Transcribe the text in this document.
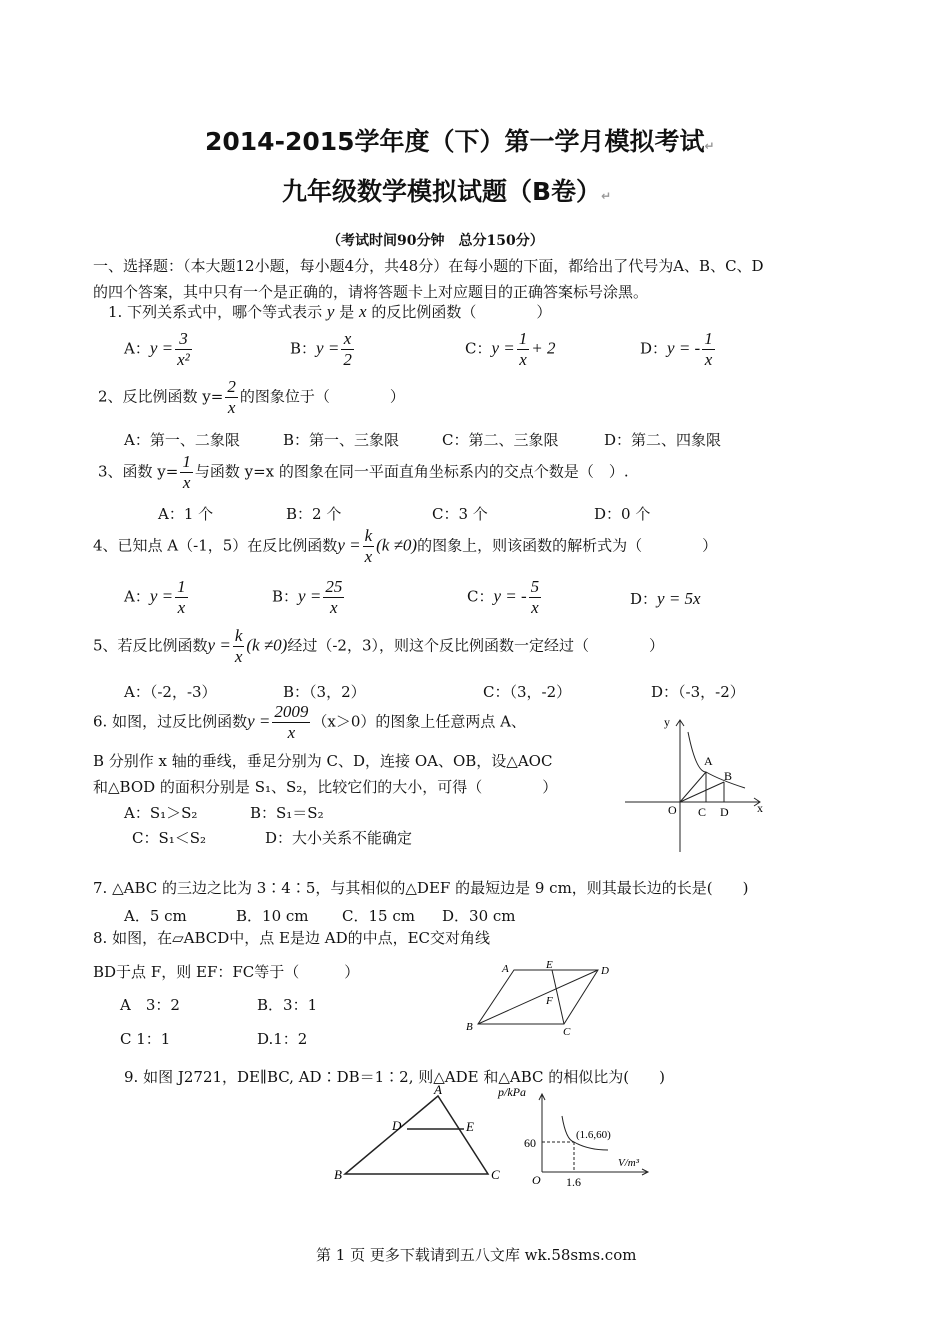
2014-2015学年度（下）第一学月模拟考试↵
九年级数学模拟试题（B卷）↵
（考试时间90分钟　总分150分）
一、选择题：（本大题12小题，每小题4分，共48分）在每小题的下面，都给出了代号为A、B、C、D
的四个答案，其中只有一个是正确的，请将答题卡上对应题目的正确答案标号涂黑。
1. 下列关系式中，哪个等式表示 y 是 x 的反比例函数（　　　　）
A：$y = \frac{3}{\text{x²}}$	B：$y = \frac{x}{2}$	C：$y = \frac{1}{x} + 2$	D：y = - $\frac{1}{x}$
2、反比例函数 $y= \frac{2}{x}$ 的图象位于（　　　　）
A：第一、二象限	B：第一、三象限	C：第二、三象限	D：第二、四象限
3、函数 $y= \frac{1}{x}$ 与函数 y=x 的图象在同一平面直角坐标系内的交点个数是（　）.
A：1 个	B：2 个	C：3 个	D：0 个
4、已知点 A（-1，5）在反比例函数$y = \frac{k}{x} (k \ne 0)$的图象上，则该函数的解析式为（　　　　）
A：$y = \frac{1}{x}$	B：$y = \frac{25}{x}$	C：y = - $\frac{5}{x}$	D：y = 5x
5、若反比例函数$y = \frac{k}{x} (k \ne 0)$经过（-2，3），则这个反比例函数一定经过（　　　　）
A：（-2，-3）	B：（3，2）	C：（3，-2）	D：（-3，-2）
6. 如图，过反比例函数$y = \frac{2009}{x} (x>0)$的图象上任意两点 A、
B 分别作 x 轴的垂线，垂足分别为 C、D，连接 OA、OB，设△AOC
和△BOD 的面积分别是 S₁、S₂，比较它们的大小，可得（　　　　）
A：S₁＞S₂	B：S₁＝S₂
C：S₁＜S₂	D：大小关系不能确定
y
x
O
A
B
C D
7. △ABC 的三边之比为 3∶4∶5，与其相似的△DEF 的最短边是 9 cm，则其最长边的长是(　　)
A．5 cm	B．10 cm C．15 cm D．30 cm
8. 如图，在▱ABCD中，点 E是边 AD的中点，EC交对角线
BD于点 F，则 EF：FC等于（　　　）
A　3：2	B．3：1
C 1：1	D.1：2
A	E	D
F
B	C
9. 如图 J2721，DE∥BC, AD∶DB＝1∶2, 则△ADE 和△ABC 的相似比为(　　)
A
D	E
B	C
p/kPa
V/m³
(1.6,60)
60
1.6
O
第 1 页 更多下载请到五八文库 wk.58sms.com
